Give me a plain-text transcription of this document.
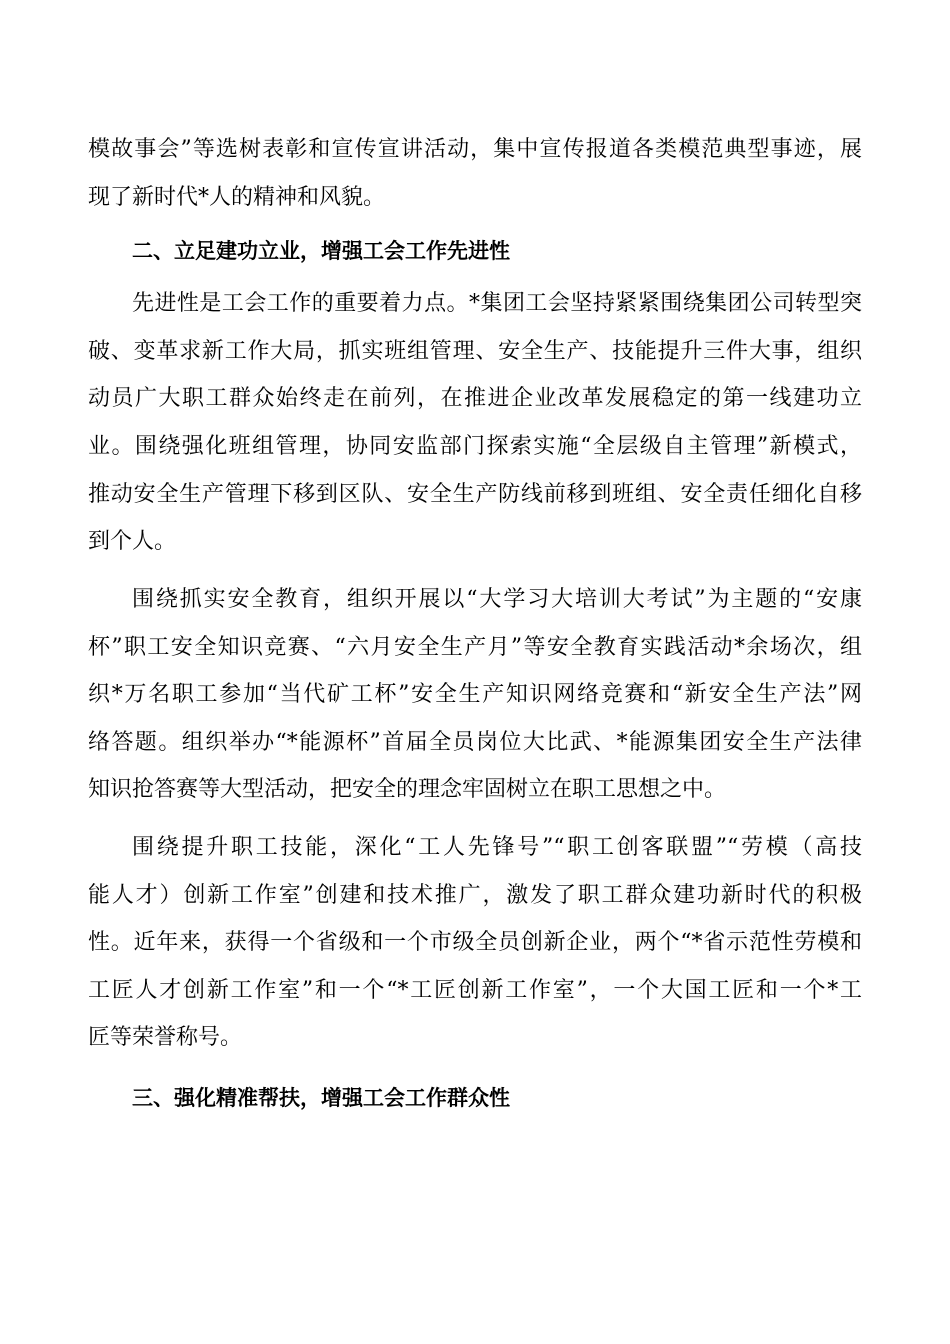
模故事会”等选树表彰和宣传宣讲活动，集中宣传报道各类模范典型事迹，展
现了新时代*人的精神和风貌。
二、立足建功立业，增强工会工作先进性
先进性是工会工作的重要着力点。*集团工会坚持紧紧围绕集团公司转型突
破、变革求新工作大局，抓实班组管理、安全生产、技能提升三件大事，组织
动员广大职工群众始终走在前列，在推进企业改革发展稳定的第一线建功立
业。围绕强化班组管理，协同安监部门探索实施“全层级自主管理”新模式，
推动安全生产管理下移到区队、安全生产防线前移到班组、安全责任细化自移
到个人。
围绕抓实安全教育，组织开展以“大学习大培训大考试”为主题的“安康
杯”职工安全知识竞赛、“六月安全生产月”等安全教育实践活动*余场次，组
织*万名职工参加“当代矿工杯”安全生产知识网络竞赛和“新安全生产法”网
络答题。组织举办“*能源杯”首届全员岗位大比武、*能源集团安全生产法律
知识抢答赛等大型活动，把安全的理念牢固树立在职工思想之中。
围绕提升职工技能，深化“工人先锋号”“职工创客联盟”“劳模（高技
能人才）创新工作室”创建和技术推广，激发了职工群众建功新时代的积极
性。近年来，获得一个省级和一个市级全员创新企业，两个“*省示范性劳模和
工匠人才创新工作室”和一个“*工匠创新工作室”，一个大国工匠和一个*工
匠等荣誉称号。
三、强化精准帮扶，增强工会工作群众性
